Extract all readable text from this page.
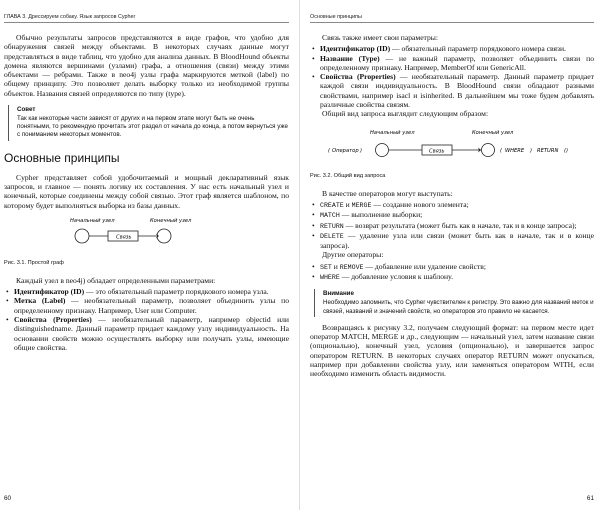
ГЛАВА 3. Дрессируем собаку. Язык запросов Cypher

Обычно результаты запросов представляются в виде графов, что удобно для обнаружения связей между объектами. В некоторых случаях данные могут представляться в виде таблиц, что удобно для анализа данных. В BloodHound объекты домена являются вершинами (узлами) графа, а отношения (связи) между этими объектами — ребрами. Также в neo4j узлы графа маркируются меткой (label) по общему принципу. Это позволяет делать выборку только из необходимой группы объектов. Названия связей определяются по типу (type).

Совет
Так как некоторые части зависят от других и на первом этапе могут быть не очень понятными, то рекомендую прочитать этот раздел от начала до конца, а потом вернуться уже с пониманием некоторых моментов.
Основные принципы

Cypher представляет собой удобочитаемый и мощный декларативный язык запросов, и главное — понять логику их составления. У нас есть начальный узел и конечный, которые соединены между собой связью. Этот граф является шаблоном, по которому будет выполняться выборка из базы данных.

Начальный узел	Конечный узел
Связь
Рис. 3.1. Простой граф

Каждый узел в neo4j) обладает определенными параметрами:

• Идентификатор (ID) — это обязательный параметр порядкового номера узла.
• Метка (Label) — необязательный параметр, позволяет объединить узлы по определенному признаку. Например, User или Computer.
• Свойства (Properties) — необязательный параметр, например objectid или distinguishedname. Данный параметр придает каждому узлу индивидуальность. На основании свойств можно осуществлять выборку или получать узлы, имеющие общие свойства.
60
Основные принципы

Связь также имеет свои параметры:

• Идентификатор (ID) — обязательный параметр порядкового номера связи.
• Название (Type) — не важный параметр, позволяет объединить связи по определенному признаку. Например, MemberOf или GenericAll.
• Свойства (Properties) — необязательный параметр. Данный параметр придает каждой связи индивидуальность. В BloodHound связи обладают разными свойствами, например isacl и isinherited. В дальнейшем мы тоже будем добавлять различные свойства связям.

Общий вид запроса выглядит следующим образом:

Начальный узел	Конечный узел
( Оператор )	Связь	( WHERE ) RETURN ()
Рис. 3.2. Общий вид запроса

В качестве операторов могут выступать:

• CREATE и MERGE — создание нового элемента;
• MATCH — выполнение выборки;
• RETURN — возврат результата (может быть как в начале, так и в конце запроса);
• DELETE — удаление узла или связи (может быть как в начале, так и в конце запроса).

Другие операторы:

• SET и REMOVE — добавление или удаление свойств;
• WHERE — добавление условия к шаблону.
Внимание
Необходимо запомнить, что Cypher чувствителен к регистру. Это важно для названий меток и связей, названий и значений свойств, но операторов это правило не касается.

Возвращаясь к рисунку 3.2, получаем следующий формат: на первом месте идет оператор MATCH, MERGE и др., следующим — начальный узел, затем название связи (опционально), конечный узел, условия (опционально), и завершается запрос оператором RETURN. В некоторых случаях оператор RETURN может опускаться, например при добавлении свойства узлу, или заменяться оператором WITH, если необходимо изменить область видимости.

61
